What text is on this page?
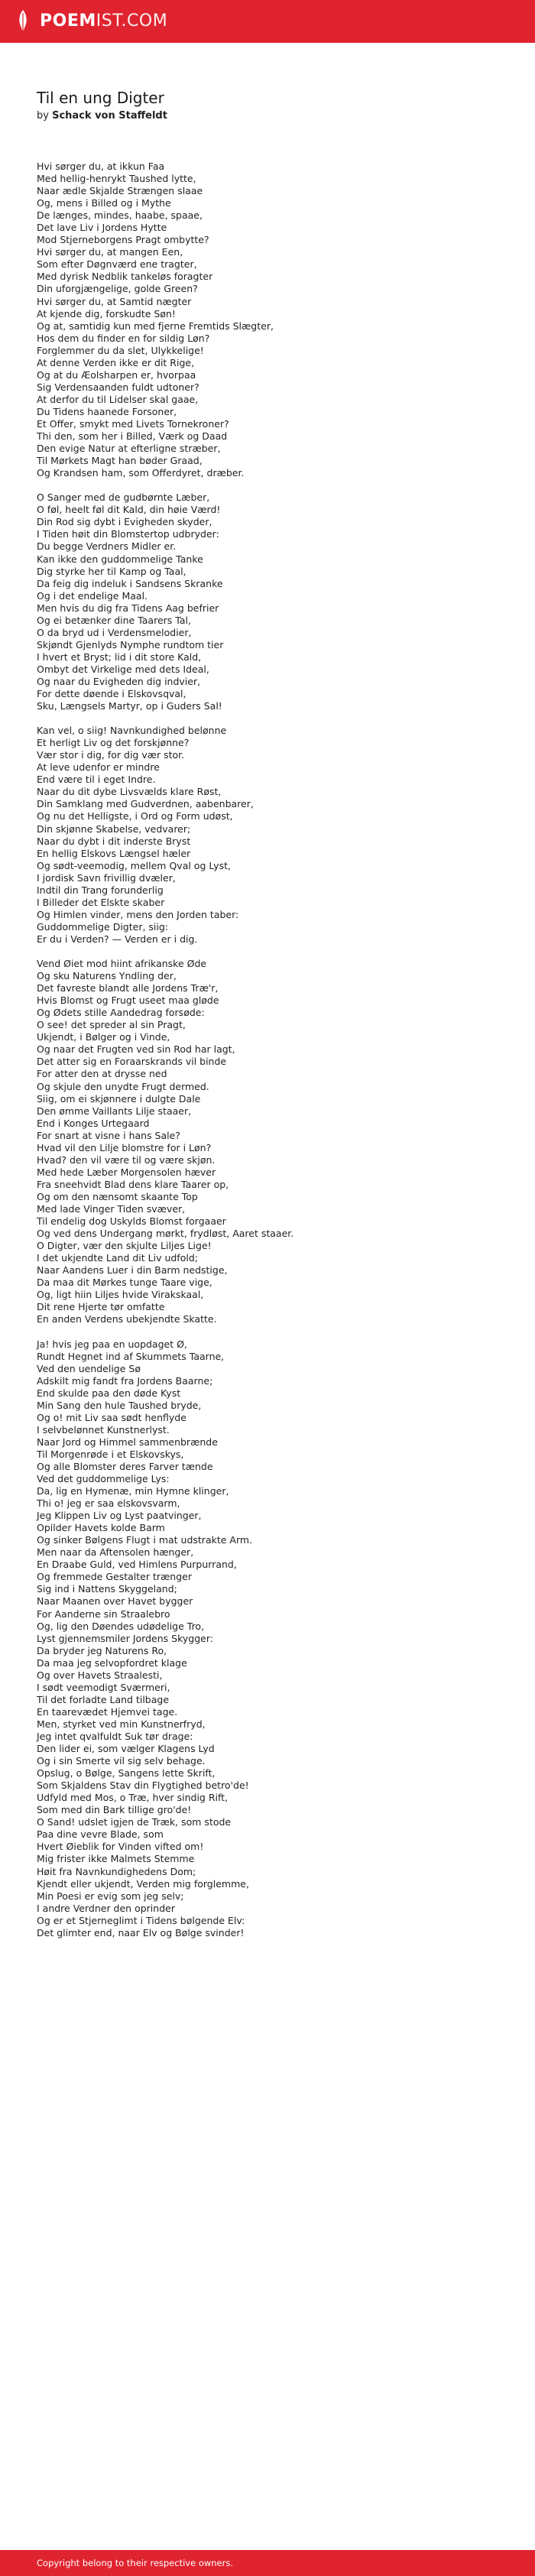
POEMIST.COM
Til en ung Digter
by Schack von Staffeldt
Hvi sørger du, at ikkun Faa
Med hellig-henrykt Taushed lytte,
Naar ædle Skjalde Strængen slaae
Og, mens i Billed og i Mythe
De længes, mindes, haabe, spaae,
Det lave Liv i Jordens Hytte
Mod Stjerneborgens Pragt ombytte?
Hvi sørger du, at mangen Een,
Som efter Døgnværd ene tragter,
Med dyrisk Nedblik tankeløs foragter
Din uforgjængelige, golde Green?
Hvi sørger du, at Samtid nægter
At kjende dig, forskudte Søn!
Og at, samtidig kun med fjerne Fremtids Slægter,
Hos dem du finder en for sildig Løn?
Forglemmer du da slet, Ulykkelige!
At denne Verden ikke er dit Rige,
Og at du Æolsharpen er, hvorpaa
Sig Verdensaanden fuldt udtoner?
At derfor du til Lidelser skal gaae,
Du Tidens haanede Forsoner,
Et Offer, smykt med Livets Tornekroner?
Thi den, som her i Billed, Værk og Daad
Den evige Natur at efterligne stræber,
Til Mørkets Magt han bøder Graad,
Og Krandsen ham, som Offerdyret, dræber.
O Sanger med de gudbørnte Læber,
O føl, heelt føl dit Kald, din høie Værd!
Din Rod sig dybt i Evigheden skyder,
I Tiden høit din Blomstertop udbryder:
Du begge Verdners Midler er.
Kan ikke den guddommelige Tanke
Dig styrke her til Kamp og Taal,
Da feig dig indeluk i Sandsens Skranke
Og i det endelige Maal.
Men hvis du dig fra Tidens Aag befrier
Og ei betænker dine Taarers Tal,
O da bryd ud i Verdensmelodier,
Skjøndt Gjenlyds Nymphe rundtom tier
I hvert et Bryst; lid i dit store Kald,
Ombyt det Virkelige med dets Ideal,
Og naar du Evigheden dig indvier,
For dette døende i Elskovsqval,
Sku, Længsels Martyr, op i Guders Sal!
Kan vel, o siig! Navnkundighed belønne
Et herligt Liv og det forskjønne?
Vær stor i dig, for dig vær stor.
At leve udenfor er mindre
End være til i eget Indre.
Naar du dit dybe Livsvælds klare Røst,
Din Samklang med Gudverdnen, aabenbarer,
Og nu det Helligste, i Ord og Form udøst,
Din skjønne Skabelse, vedvarer;
Naar du dybt i dit inderste Bryst
En hellig Elskovs Længsel hæler
Og sødt-veemodig, mellem Qval og Lyst,
I jordisk Savn frivillig dvæler,
Indtil din Trang forunderlig
I Billeder det Elskte skaber
Og Himlen vinder, mens den Jorden taber:
Guddommelige Digter, siig:
Er du i Verden? — Verden er i dig.
Vend Øiet mod hiint afrikanske Øde
Og sku Naturens Yndling der,
Det favreste blandt alle Jordens Træ'r,
Hvis Blomst og Frugt useet maa gløde
Og Ødets stille Aandedrag forsøde:
O see! det spreder al sin Pragt,
Ukjendt, i Bølger og i Vinde,
Og naar det Frugten ved sin Rod har lagt,
Det atter sig en Foraarskrands vil binde
For atter den at drysse ned
Og skjule den unydte Frugt dermed.
Siig, om ei skjønnere i dulgte Dale
Den ømme Vaillants Lilje staaer,
End i Konges Urtegaard
For snart at visne i hans Sale?
Hvad vil den Lilje blomstre for i Løn?
Hvad? den vil være til og være skjøn.
Med hede Læber Morgensolen hæver
Fra sneehvidt Blad dens klare Taarer op,
Og om den nænsomt skaante Top
Med lade Vinger Tiden svæver,
Til endelig dog Uskylds Blomst forgaaer
Og ved dens Undergang mørkt, frydløst, Aaret staaer.
O Digter, vær den skjulte Liljes Lige!
I det ukjendte Land dit Liv udfold;
Naar Aandens Luer i din Barm nedstige,
Da maa dit Mørkes tunge Taare vige,
Og, ligt hiin Liljes hvide Virakskaal,
Dit rene Hjerte tør omfatte
En anden Verdens ubekjendte Skatte.
Ja! hvis jeg paa en uopdaget Ø,
Rundt Hegnet ind af Skummets Taarne,
Ved den uendelige Sø
Adskilt mig fandt fra Jordens Baarne;
End skulde paa den døde Kyst
Min Sang den hule Taushed bryde,
Og o! mit Liv saa sødt henflyde
I selvbelønnet Kunstnerlyst.
Naar Jord og Himmel sammenbrænde
Til Morgenrøde i et Elskovskys,
Og alle Blomster deres Farver tænde
Ved det guddommelige Lys:
Da, lig en Hymenæ, min Hymne klinger,
Thi o! jeg er saa elskovsvarm,
Jeg Klippen Liv og Lyst paatvinger,
Opilder Havets kolde Barm
Og sinker Bølgens Flugt i mat udstrakte Arm.
Men naar da Aftensolen hænger,
En Draabe Guld, ved Himlens Purpurrand,
Og fremmede Gestalter trænger
Sig ind i Nattens Skyggeland;
Naar Maanen over Havet bygger
For Aanderne sin Straalebro
Og, lig den Døendes udødelige Tro,
Lyst gjennemsmiler Jordens Skygger:
Da bryder jeg Naturens Ro,
Da maa jeg selvopfordret klage
Og over Havets Straalesti,
I sødt veemodigt Sværmeri,
Til det forladte Land tilbage
En taarevædet Hjemvei tage.
Men, styrket ved min Kunstnerfryd,
Jeg intet qvalfuldt Suk tør drage:
Den lider ei, som vælger Klagens Lyd
Og i sin Smerte vil sig selv behage.
Opslug, o Bølge, Sangens lette Skrift,
Som Skjaldens Stav din Flygtighed betro'de!
Udfyld med Mos, o Træ, hver sindig Rift,
Som med din Bark tillige gro'de!
O Sand! udslet igjen de Træk, som stode
Paa dine vevre Blade, som
Hvert Øieblik for Vinden vifted om!
Mig frister ikke Malmets Stemme
Høit fra Navnkundighedens Dom;
Kjendt eller ukjendt, Verden mig forglemme,
Min Poesi er evig som jeg selv;
I andre Verdner den oprinder
Og er et Stjerneglimt i Tidens bølgende Elv:
Det glimter end, naar Elv og Bølge svinder!
Copyright belong to their respective owners.
